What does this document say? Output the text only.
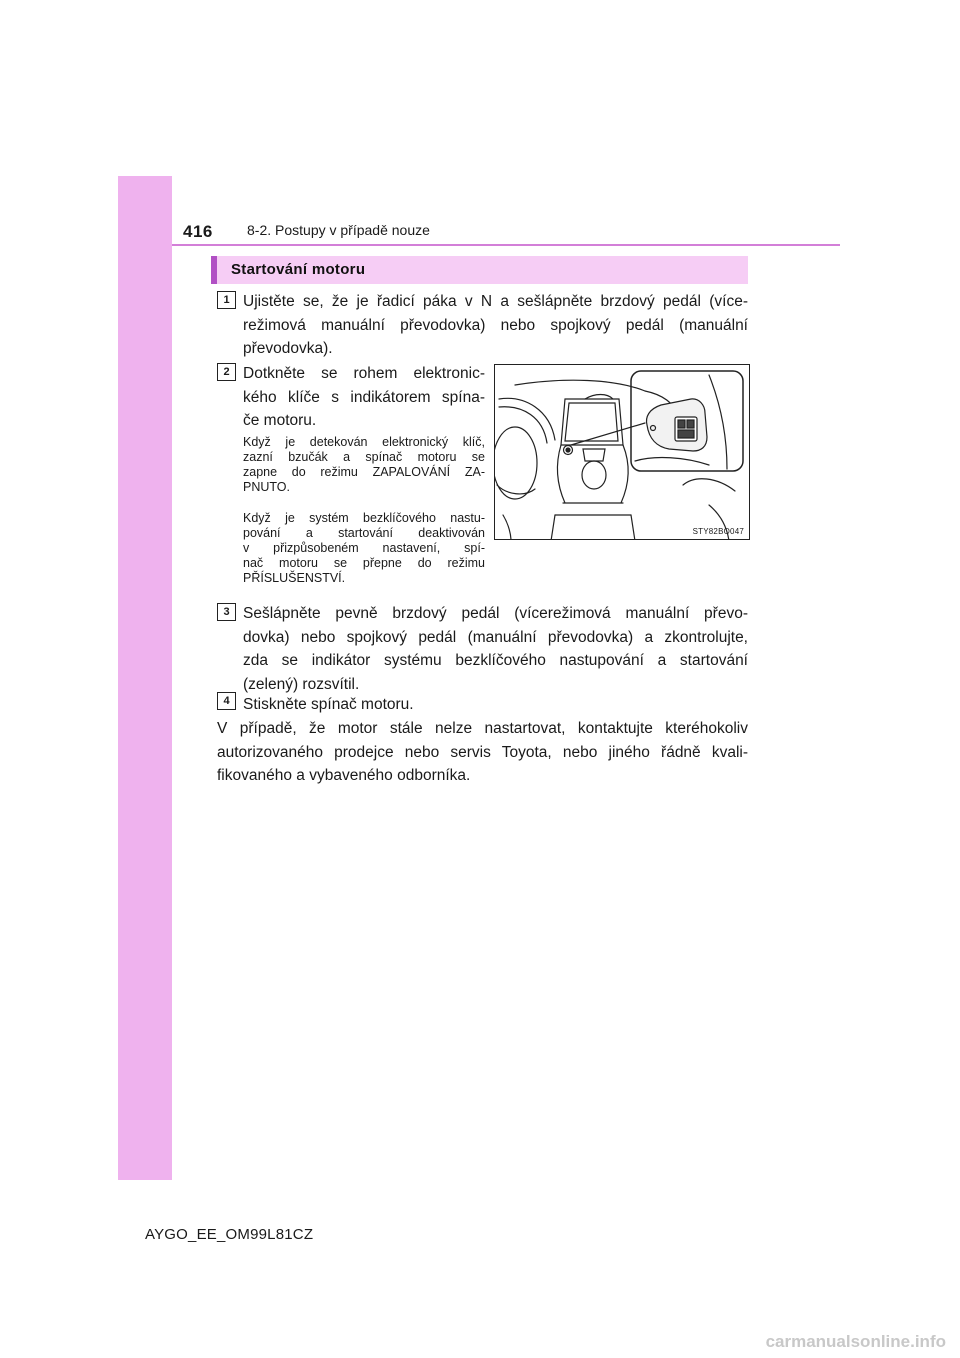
416 8-2. Postupy v případě nouze
Startování motoru
1 Ujistěte se, že je řadicí páka v N a sešlápněte brzdový pedál (více-
režimová manuální převodovka) nebo spojkový pedál (manuální
převodovka).
2 Dotkněte se rohem elektronic-
kého klíče s indikátorem spína-
če motoru.
Když je detekován elektronický klíč,
zazní bzučák a spínač motoru se
zapne do režimu ZAPALOVÁNÍ ZA-
PNUTO.
Když je systém bezklíčového nastu-
pování a startování deaktivován
v přizpůsobeném nastavení, spí-
nač motoru se přepne do režimu
PŘÍSLUŠENSTVÍ.
STY82BO047
3 Sešlápněte pevně brzdový pedál (vícerežimová manuální převo-
dovka) nebo spojkový pedál (manuální převodovka) a zkontrolujte,
zda se indikátor systému bezklíčového nastupování a startování
(zelený) rozsvítil.
4 Stiskněte spínač motoru.
V případě, že motor stále nelze nastartovat, kontaktujte kteréhokoliv
autorizovaného prodejce nebo servis Toyota, nebo jiného řádně kvali-
fikovaného a vybaveného odborníka.
AYGO_EE_OM99L81CZ
carmanualsonline.info
